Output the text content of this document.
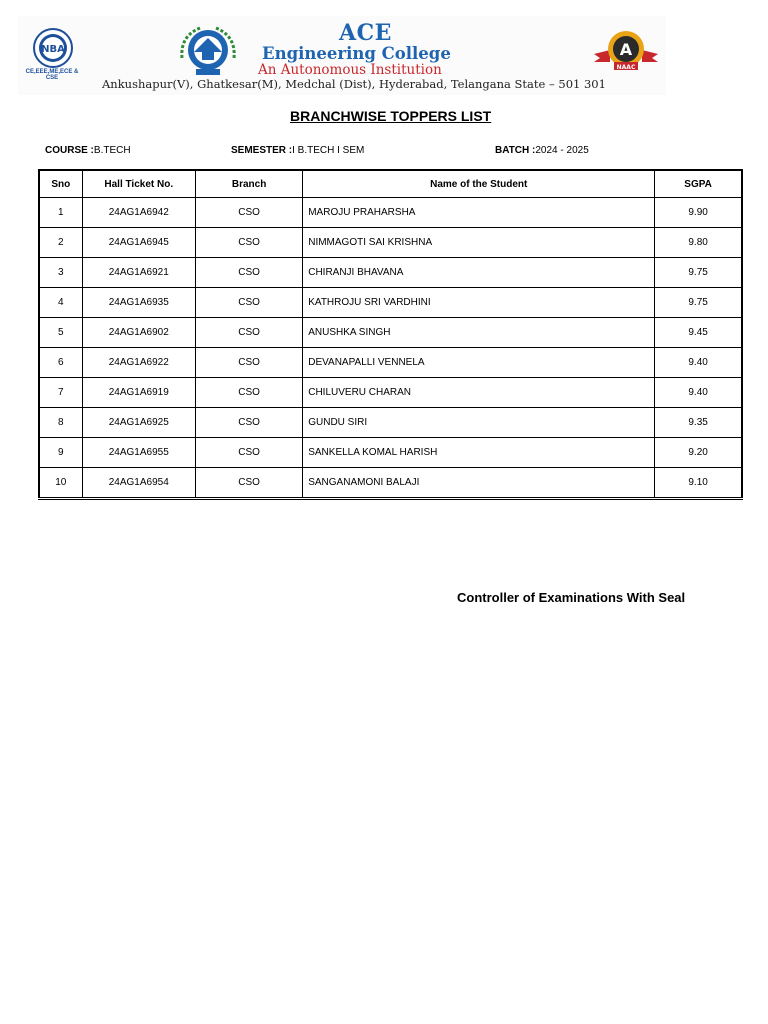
NBA
CE,EEE,ME,ECE & CSE
ACE
Engineering College
An Autonomous Institution
Ankushapur(V), Ghatkesar(M), Medchal (Dist), Hyderabad, Telangana State – 501 301
A
NAAC
BRANCHWISE TOPPERS LIST
COURSE :B.TECH	SEMESTER :I B.TECH I SEM	BATCH :2024 - 2025
Sno	Hall Ticket No.	Branch	Name of the Student	SGPA
1	24AG1A6942	CSO	MAROJU PRAHARSHA	9.90
2	24AG1A6945	CSO	NIMMAGOTI SAI KRISHNA	9.80
3	24AG1A6921	CSO	CHIRANJI BHAVANA	9.75
4	24AG1A6935	CSO	KATHROJU SRI VARDHINI	9.75
5	24AG1A6902	CSO	ANUSHKA SINGH	9.45
6	24AG1A6922	CSO	DEVANAPALLI VENNELA	9.40
7	24AG1A6919	CSO	CHILUVERU CHARAN	9.40
8	24AG1A6925	CSO	GUNDU SIRI	9.35
9	24AG1A6955	CSO	SANKELLA KOMAL HARISH	9.20
10	24AG1A6954	CSO	SANGANAMONI BALAJI	9.10
Controller of Examinations With Seal
